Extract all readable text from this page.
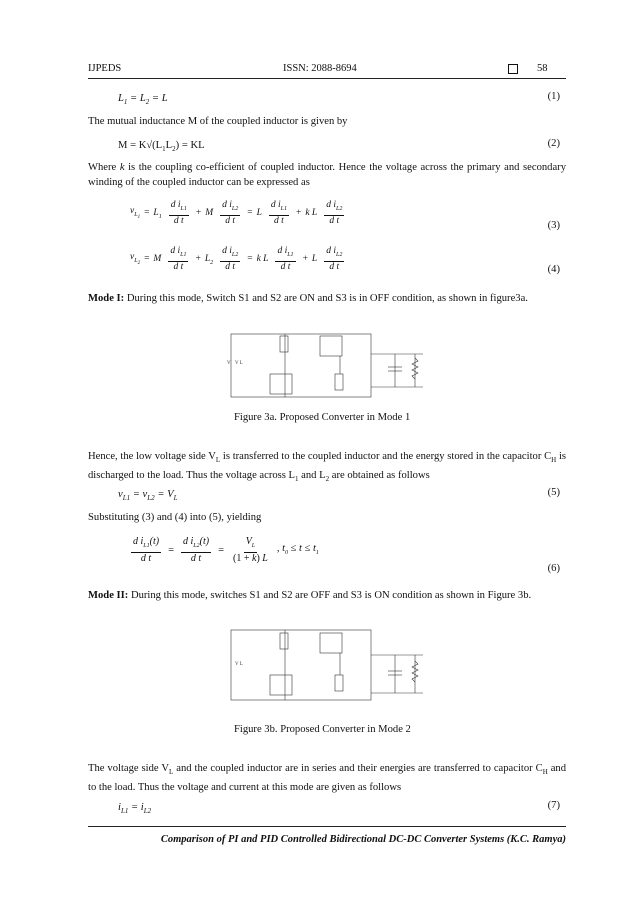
IJPEDS	ISSN: 2088-8694	58
$L_1 = L_2 = L$	(1)
The mutual inductance M of the coupled inductor is given by
$M = K√(L_1L_2)$ = KL	(2)
Where k is the coupling co-efficient of coupled inductor. Hence the voltage across the primary and secondary winding of the coupled inductor can be expressed as
$v_{L_1} = L_1 \frac{d i_{L1}}{\text{d t}} + M \frac{d i_{L2}}{\text{d t}} = L \frac{d i_{L1}}{\text{d t}} + k$ L $\frac{d i_{L2}}{\text{d t}}$	(3)
$v_{L_2} = M \frac{d i_{L1}}{\text{d t}} + L_2 \frac{d i_{L2}}{\text{d t}} = k$ L $\frac{d i_{L1}}{\text{d t}} + L \frac{d i_{L2}}{\text{d t}}$	(4)
Mode I: During this mode, Switch S1 and S2 are ON and S3 is in OFF condition, as shown in figure3a.
V V L
Figure 3a. Proposed Converter in Mode 1
Hence, the low voltage side $V_L$ is transferred to the coupled inductor and the energy stored in the capacitor $C_H$ is discharged to the load. Thus the voltage across $L_1$ and $L_2$ are obtained as follows
$v_{L1} = v_{L2} = V_L$
(5)
Substituting (3) and (4) into (5), yielding
$\frac{d i_{L1}(t)}{\text{d t}} = \frac{d i_{L2}(t)}{\text{d t}} = \frac{V_L}{(1 + k) L}$ , $t_0 \le t \le t_1$
(6)
Mode II: During this mode, switches S1 and S2 are OFF and S3 is ON condition as shown in Figure 3b.
V L
Figure 3b. Proposed Converter in Mode 2
The voltage side $V_L$ and the coupled inductor are in series and their energies are transferred to capacitor $C_H$ and to the load. Thus the voltage and current at this mode are given as follows
$i_{L1} = i_{L2}$
(7)
Comparison of PI and PID Controlled Bidirectional DC-DC Converter Systems (K.C. Ramya)
